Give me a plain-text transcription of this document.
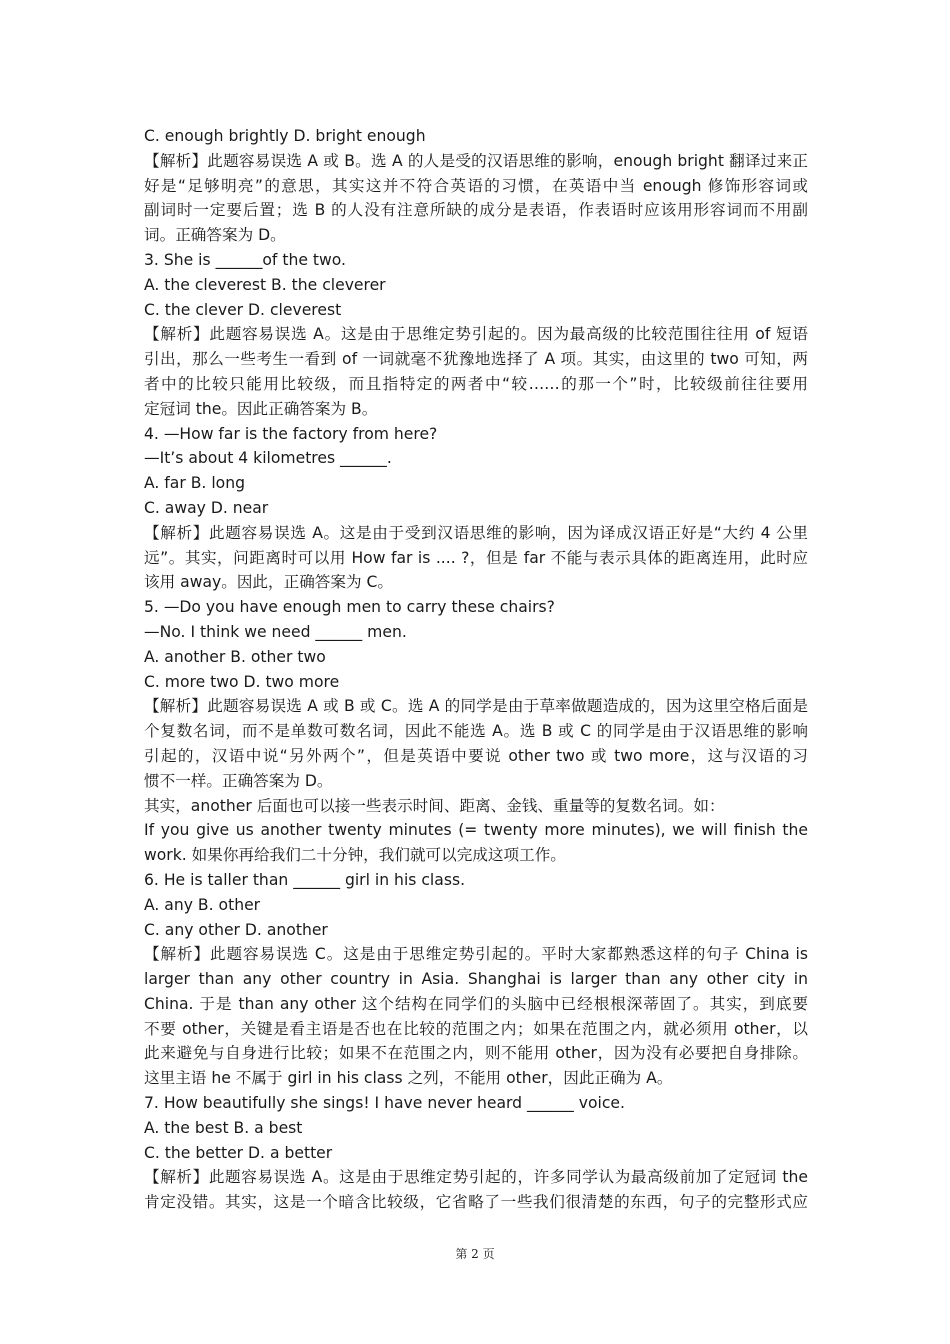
C. enough brightly D. bright enough
【解析】此题容易误选 A 或 B。选 A 的人是受的汉语思维的影响，enough bright 翻译过来正
好是“足够明亮”的意思，其实这并不符合英语的习惯，在英语中当 enough 修饰形容词或
副词时一定要后置；选 B 的人没有注意所缺的成分是表语，作表语时应该用形容词而不用副
词。正确答案为 D。
3. She is ______of the two.
A. the cleverest B. the cleverer
C. the clever D. cleverest
【解析】此题容易误选 A。这是由于思维定势引起的。因为最高级的比较范围往往用 of 短语
引出，那么一些考生一看到 of 一词就毫不犹豫地选择了 A 项。其实，由这里的 two 可知，两
者中的比较只能用比较级，而且指特定的两者中“较……的那一个”时，比较级前往往要用
定冠词 the。因此正确答案为 B。
4. —How far is the factory from here?
—It’s about 4 kilometres ______.
A. far B. long
C. away D. near
【解析】此题容易误选 A。这是由于受到汉语思维的影响，因为译成汉语正好是“大约 4 公里
远”。其实，问距离时可以用 How far is .... ?，但是 far 不能与表示具体的距离连用，此时应
该用 away。因此，正确答案为 C。
5. —Do you have enough men to carry these chairs?
—No. I think we need ______ men.
A. another B. other two
C. more two D. two more
【解析】此题容易误选 A 或 B 或 C。选 A 的同学是由于草率做题造成的，因为这里空格后面是
个复数名词，而不是单数可数名词，因此不能选 A。选 B 或 C 的同学是由于汉语思维的影响
引起的，汉语中说“另外两个”，但是英语中要说 other two 或 two more，这与汉语的习
惯不一样。正确答案为 D。
其实，another 后面也可以接一些表示时间、距离、金钱、重量等的复数名词。如：
If you give us another twenty minutes (= twenty more minutes), we will finish the
work. 如果你再给我们二十分钟，我们就可以完成这项工作。
6. He is taller than ______ girl in his class.
A. any B. other
C. any other D. another
【解析】此题容易误选 C。这是由于思维定势引起的。平时大家都熟悉这样的句子 China is
larger than any other country in Asia. Shanghai is larger than any other city in
China. 于是 than any other 这个结构在同学们的头脑中已经根根深蒂固了。其实，到底要
不要 other，关键是看主语是否也在比较的范围之内；如果在范围之内，就必须用 other，以
此来避免与自身进行比较；如果不在范围之内，则不能用 other，因为没有必要把自身排除。
这里主语 he 不属于 girl in his class 之列，不能用 other，因此正确为 A。
7. How beautifully she sings! I have never heard ______ voice.
A. the best B. a best
C. the better D. a better
【解析】此题容易误选 A。这是由于思维定势引起的，许多同学认为最高级前加了定冠词 the
肯定没错。其实，这是一个暗含比较级，它省略了一些我们很清楚的东西，句子的完整形式应
第 2 页
